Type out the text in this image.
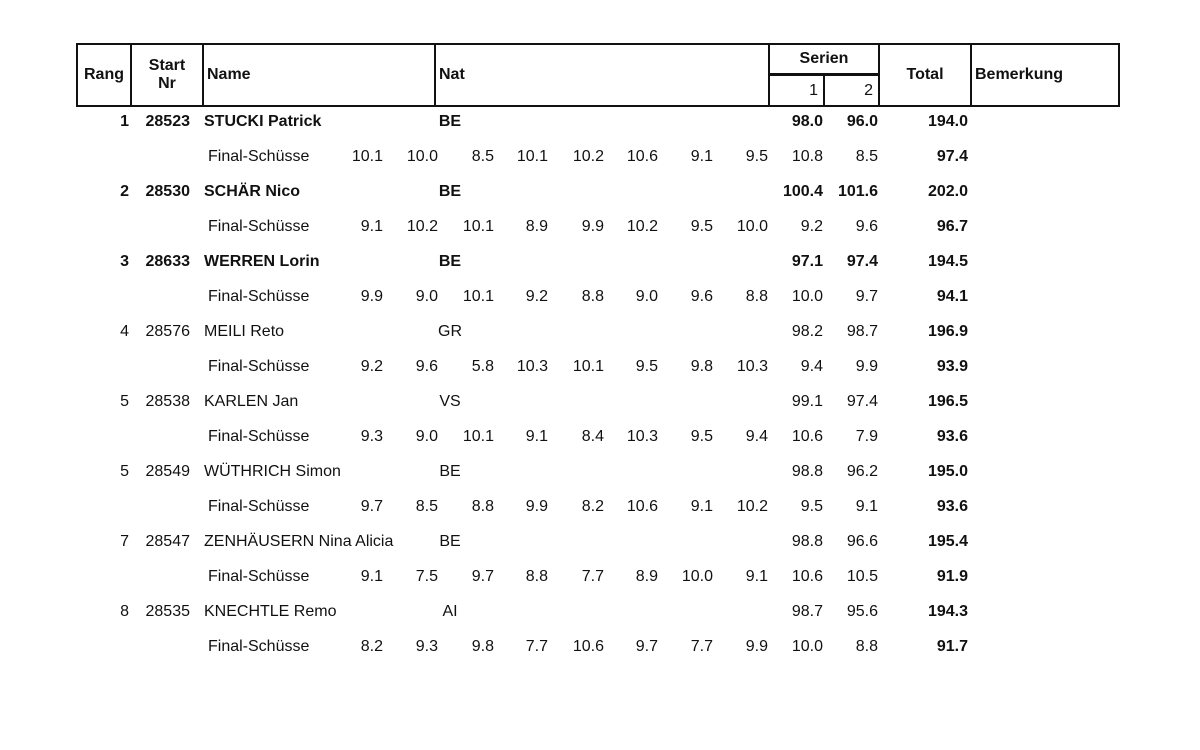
Rang
Start
Nr
Name	Nat
Serien
1	2
Total	Bemerkung
1	28523 STUCKI Patrick	BE	98.0	96.0	194.0
Final-Schüsse	10.1	10.0	8.5	10.1	10.2	10.6	9.1	9.5	10.8	8.5	97.4
2	28530 SCHÄR Nico	BE	100.4 101.6	202.0
Final-Schüsse	9.1	10.2	10.1	8.9	9.9	10.2	9.5	10.0	9.2	9.6	96.7
3	28633 WERREN Lorin	BE	97.1	97.4	194.5
Final-Schüsse	9.9	9.0	10.1	9.2	8.8	9.0	9.6	8.8	10.0	9.7	94.1
4	28576 MEILI Reto	GR	98.2	98.7	196.9
Final-Schüsse	9.2	9.6	5.8	10.3	10.1	9.5	9.8	10.3	9.4	9.9	93.9
5	28538 KARLEN Jan	VS	99.1	97.4	196.5
Final-Schüsse	9.3	9.0	10.1	9.1	8.4	10.3	9.5	9.4	10.6	7.9	93.6
5	28549 WÜTHRICH Simon	BE	98.8	96.2	195.0
Final-Schüsse	9.7	8.5	8.8	9.9	8.2	10.6	9.1	10.2	9.5	9.1	93.6
7	28547 ZENHÄUSERN Nina Alicia	BE	98.8	96.6	195.4
Final-Schüsse	9.1	7.5	9.7	8.8	7.7	8.9	10.0	9.1	10.6	10.5	91.9
8	28535 KNECHTLE Remo	AI	98.7	95.6	194.3
Final-Schüsse	8.2	9.3	9.8	7.7	10.6	9.7	7.7	9.9	10.0	8.8	91.7
